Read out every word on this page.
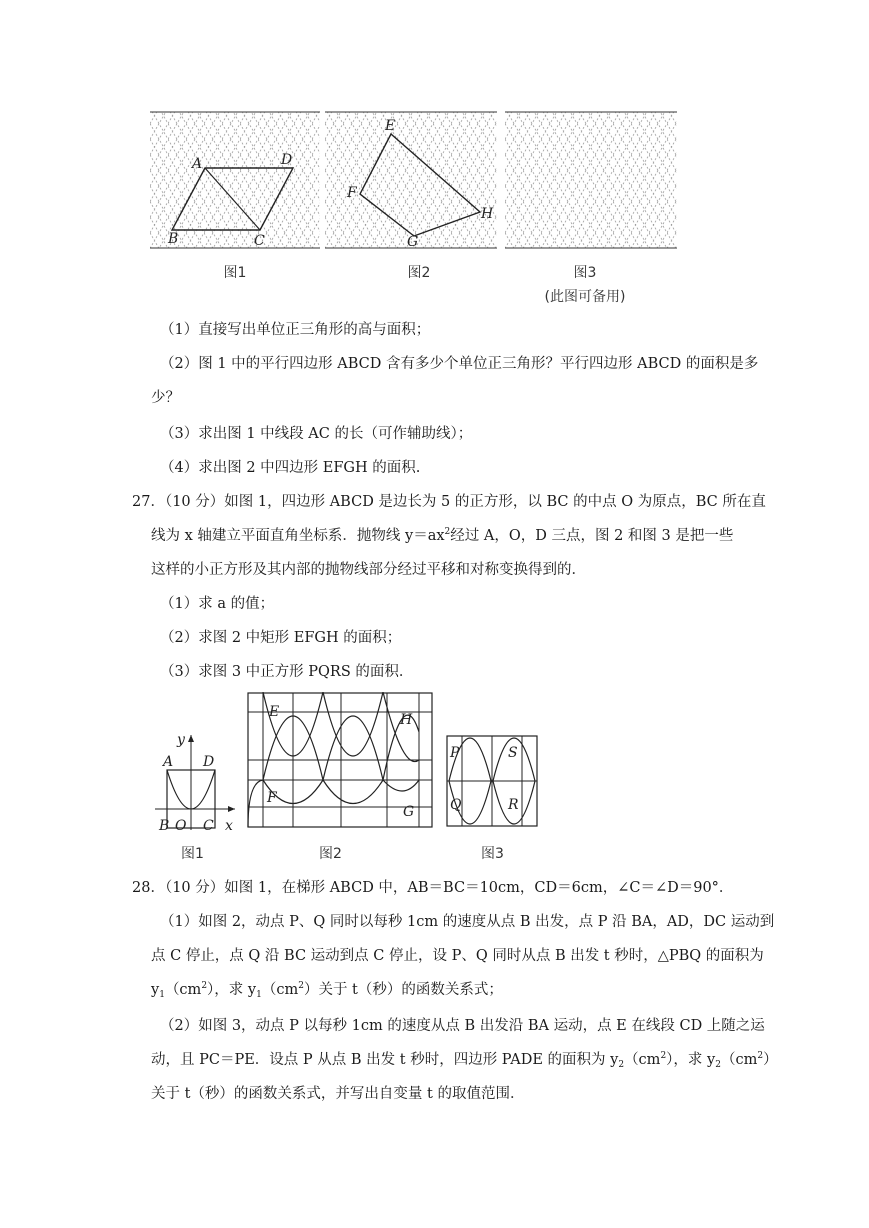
A	D
B	C
图1
E
F
G
H
图2	图3
(此图可备用)
（1）直接写出单位正三角形的高与面积；
（2）图 1 中的平行四边形 ABCD 含有多少个单位正三角形？平行四边形 ABCD 的面积是多
少？
（3）求出图 1 中线段 AC 的长（可作辅助线）；
（4）求出图 2 中四边形 EFGH 的面积.
27．（10 分）如图 1，四边形 ABCD 是边长为 5 的正方形，以 BC 的中点 O 为原点，BC 所在直
线为 x 轴建立平面直角坐标系．抛物线 $y=ax^2$经过 A，O，D 三点，图 2 和图 3 是把一些
这样的小正方形及其内部的抛物线部分经过平移和对称变换得到的．
（1）求 a 的值；
（2）求图 2 中矩形 EFGH 的面积；
（3）求图 3 中正方形 PQRS 的面积．
y
A D
B O C x
图1
E	H
F
G
图2
P	S
Q	R
图3
28．（10 分）如图 1，在梯形 ABCD 中，AB＝BC＝10cm，CD＝6cm，∠C＝∠D＝90°．
（1）如图 2，动点 P、Q 同时以每秒 1cm 的速度从点 B 出发，点 P 沿 BA，AD，DC 运动到
点 C 停止，点 Q 沿 BC 运动到点 C 停止，设 P、Q 同时从点 B 出发 t 秒时，△PBQ 的面积为
$y_1(cm^2)$，求 $y_1(cm^2)$关于 t（秒）的函数关系式；
（2）如图 3，动点 P 以每秒 1cm 的速度从点 B 出发沿 BA 运动，点 E 在线段 CD 上随之运
动，且 PC＝PE．设点 P 从点 B 出发 t 秒时，四边形 PADE 的面积为 $y_2(cm^2)$，求 $y_2(cm^2)$
关于 t（秒）的函数关系式，并写出自变量 t 的取值范围．
